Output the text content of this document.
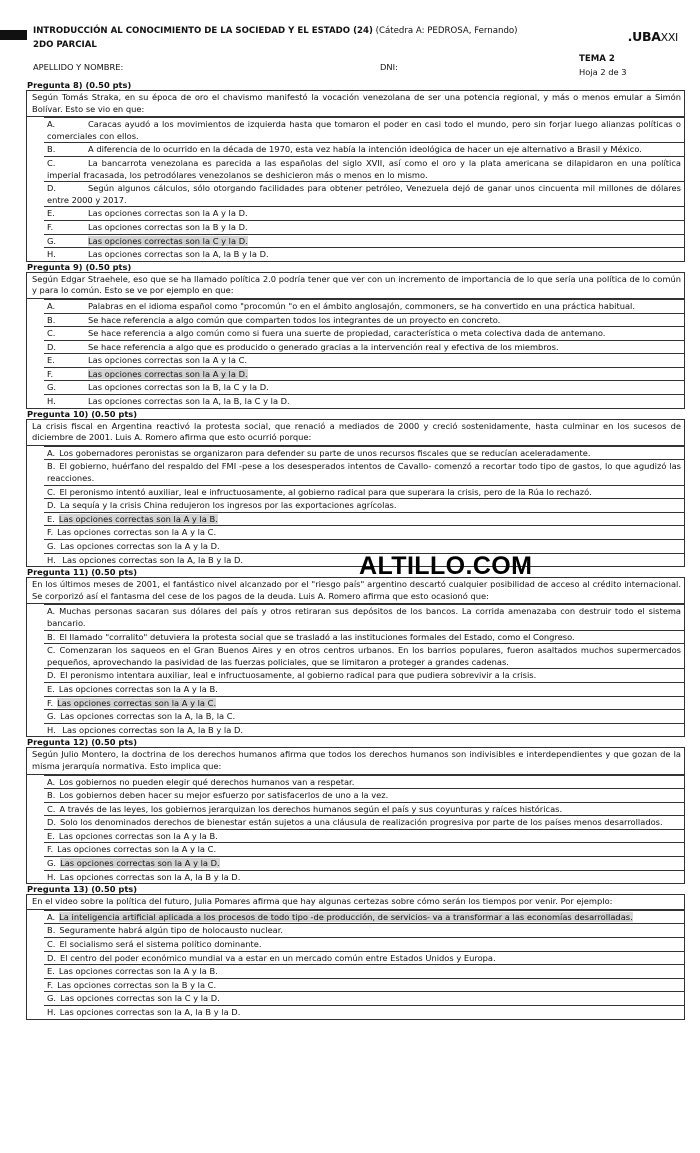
INTRODUCCIÓN AL CONOCIMIENTO DE LA SOCIEDAD Y EL ESTADO (24) (Cátedra A: PEDROSA, Fernando)
2DO PARCIAL
.UBAXXI
APELLIDO Y NOMBRE:	DNI:
TEMA 2
Hoja 2 de 3
Pregunta 8) (0.50 pts)
Según Tomás Straka, en su época de oro el chavismo manifestó la vocación venezolana de ser una potencia regional, y más o menos emular a Simón Bolívar. Esto se vio en que:
A.	Caracas ayudó a los movimientos de izquierda hasta que tomaron el poder en casi todo el mundo, pero sin forjar luego alianzas políticas o comerciales con ellos.
B.	A diferencia de lo ocurrido en la década de 1970, esta vez había la intención ideológica de hacer un eje alternativo a Brasil y México.
C.	La bancarrota venezolana es parecida a las españolas del siglo XVII, así como el oro y la plata americana se dilapidaron en una política imperial fracasada, los petrodólares venezolanos se deshicieron más o menos en lo mismo.
D.	Según algunos cálculos, sólo otorgando facilidades para obtener petróleo, Venezuela dejó de ganar unos cincuenta mil millones de dólares entre 2000 y 2017.
E.	Las opciones correctas son la A y la D.
F.	Las opciones correctas son la B y la D.
G.	Las opciones correctas son la C y la D.
H.	Las opciones correctas son la A, la B y la D.
Pregunta 9) (0.50 pts)
Según Edgar Straehele, eso que se ha llamado política 2.0 podría tener que ver con un incremento de importancia de lo que sería una política de lo común y para lo común. Esto se ve por ejemplo en que:
A.	Palabras en el idioma español como "procomún "o en el ámbito anglosajón, commoners, se ha convertido en una práctica habitual.
B.	Se hace referencia a algo común que comparten todos los integrantes de un proyecto en concreto.
C.	Se hace referencia a algo común como si fuera una suerte de propiedad, característica o meta colectiva dada de antemano.
D.	Se hace referencia a algo que es producido o generado gracias a la intervención real y efectiva de los miembros.
E.	Las opciones correctas son la A y la C.
F.	Las opciones correctas son la A y la D.
G.	Las opciones correctas son la B, la C y la D.
H.	Las opciones correctas son la A, la B, la C y la D.
Pregunta 10) (0.50 pts)
La crisis fiscal en Argentina reactivó la protesta social, que renació a mediados de 2000 y creció sostenidamente, hasta culminar en los sucesos de diciembre de 2001. Luis A. Romero afirma que esto ocurrió porque:
A. Los gobernadores peronistas se organizaron para defender su parte de unos recursos fiscales que se reducían aceleradamente.
B. El gobierno, huérfano del respaldo del FMI -pese a los desesperados intentos de Cavallo- comenzó a recortar todo tipo de gastos, lo que agudizó las reacciones.
C. El peronismo intentó auxiliar, leal e infructuosamente, al gobierno radical para que superara la crisis, pero de la Rúa lo rechazó.
D. La sequía y la crisis China redujeron los ingresos por las exportaciones agrícolas.
E. Las opciones correctas son la A y la B.
F. Las opciones correctas son la A y la C.
G. Las opciones correctas son la A y la D.
H. Las opciones correctas son la A, la B y la D.
Pregunta 11) (0.50 pts)
En los últimos meses de 2001, el fantástico nivel alcanzado por el "riesgo país" argentino descartó cualquier posibilidad de acceso al crédito internacional. Se corporizó así el fantasma del cese de los pagos de la deuda. Luis A. Romero afirma que esto ocasionó que:
A. Muchas personas sacaran sus dólares del país y otros retiraran sus depósitos de los bancos. La corrida amenazaba con destruir todo el sistema bancario.
B. El llamado "corralito" detuviera la protesta social que se trasladó a las instituciones formales del Estado, como el Congreso.
C. Comenzaran los saqueos en el Gran Buenos Aires y en otros centros urbanos. En los barrios populares, fueron asaltados muchos supermercados pequeños, aprovechando la pasividad de las fuerzas policiales, que se limitaron a proteger a grandes cadenas.
D. El peronismo intentara auxiliar, leal e infructuosamente, al gobierno radical para que pudiera sobrevivir a la crisis.
E. Las opciones correctas son la A y la B.
F. Las opciones correctas son la A y la C.
G. Las opciones correctas son la A, la B, la C.
H. Las opciones correctas son la A, la B y la D.
Pregunta 12) (0.50 pts)
Según Julio Montero, la doctrina de los derechos humanos afirma que todos los derechos humanos son indivisibles e interdependientes y que gozan de la misma jerarquía normativa. Esto implica que:
A. Los gobiernos no pueden elegir qué derechos humanos van a respetar.
B. Los gobiernos deben hacer su mejor esfuerzo por satisfacerlos de uno a la vez.
C. A través de las leyes, los gobiernos jerarquizan los derechos humanos según el país y sus coyunturas y raíces históricas.
D. Solo los denominados derechos de bienestar están sujetos a una cláusula de realización progresiva por parte de los países menos desarrollados.
E. Las opciones correctas son la A y la B.
F. Las opciones correctas son la A y la C.
G. Las opciones correctas son la A y la D.
H. Las opciones correctas son la A, la B y la D.
Pregunta 13) (0.50 pts)
En el video sobre la política del futuro, Julia Pomares afirma que hay algunas certezas sobre cómo serán los tiempos por venir. Por ejemplo:
A. La inteligencia artificial aplicada a los procesos de todo tipo -de producción, de servicios- va a transformar a las economías desarrolladas.
B. Seguramente habrá algún tipo de holocausto nuclear.
C. El socialismo será el sistema político dominante.
D. El centro del poder económico mundial va a estar en un mercado común entre Estados Unidos y Europa.
E. Las opciones correctas son la A y la B.
F. Las opciones correctas son la B y la C.
G. Las opciones correctas son la C y la D.
H. Las opciones correctas son la A, la B y la D.
ALTILLO.COM
